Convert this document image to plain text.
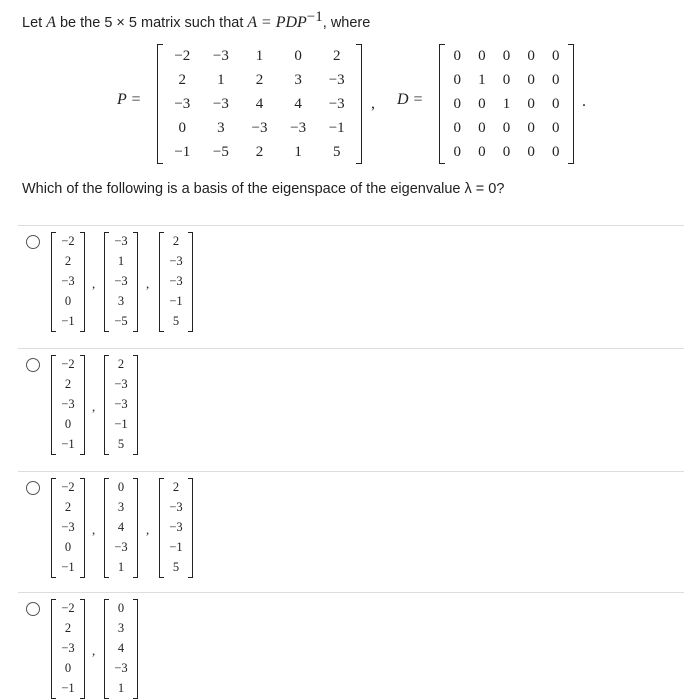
Let A be the 5 × 5 matrix such that $A = PDP^{-1}$, where
P =
−2	−3	1	0	2
2	1	2	3	−3
−3	−3	4	4	−3
0	3	−3	−3	−1
−1	−5	2	1	5
, D =
0	0	0	0	0
0	1	0	0	0
0	0	1	0	0
0	0	0	0	0
0	0	0	0	0
.
Which of the following is a basis of the eigenspace of the eigenvalue λ = 0?
−2
2
−3
0
−1
,
−3
1
−3
3
−5
,
2
−3
−3
−1
5
−2
2
−3
0
−1
,
2
−3
−3
−1
5
−2
2
−3
0
−1
,
0
3
4
−3
1
,
2
−3
−3
−1
5
−2
2
−3
0
−1
,
0
3
4
−3
1
